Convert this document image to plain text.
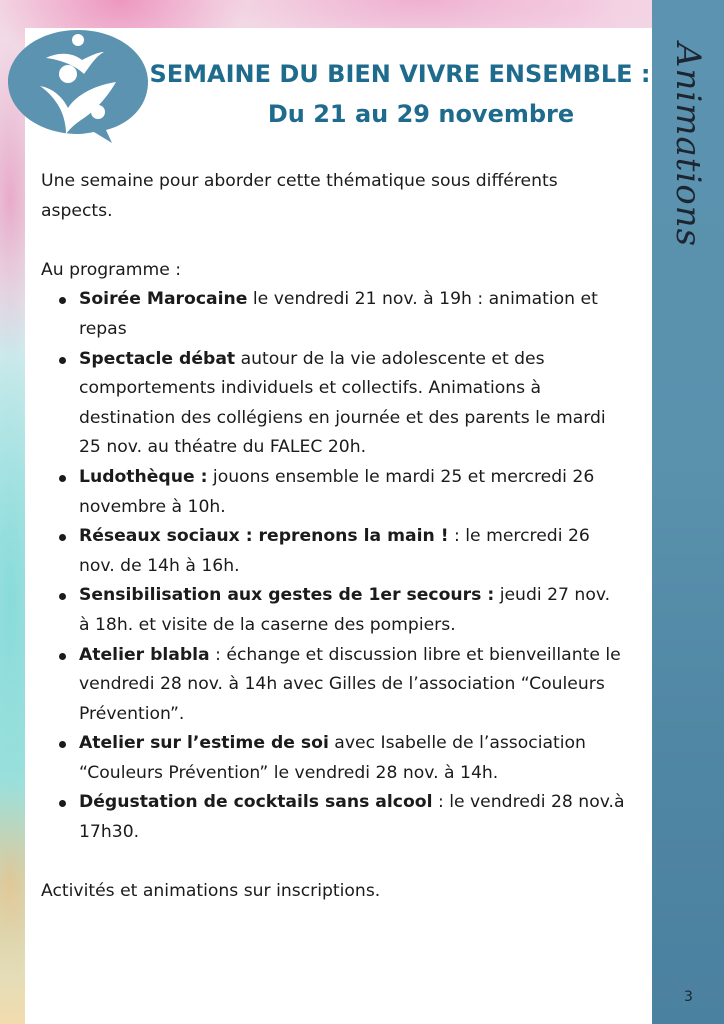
Animations
3
SEMAINE DU BIEN VIVRE ENSEMBLE :
Du 21 au 29 novembre

Une semaine pour aborder cette thématique sous différents aspects.

Au programme :

Soirée Marocaine le vendredi 21 nov. à 19h : animation et repas
Spectacle débat autour de la vie adolescente et des comportements individuels et collectifs. Animations à destination des collégiens en journée et des parents le mardi 25 nov. au théatre du FALEC 20h.
Ludothèque : jouons ensemble le mardi 25 et mercredi 26 novembre à 10h.
Réseaux sociaux : reprenons la main ! : le mercredi 26 nov. de 14h à 16h.
Sensibilisation aux gestes de 1er secours : jeudi 27 nov. à 18h. et visite de la caserne des pompiers.
Atelier blabla : échange et discussion libre et bienveillante le vendredi 28 nov. à 14h avec Gilles de l’association “Couleurs Prévention”.
Atelier sur l’estime de soi avec Isabelle de l’association “Couleurs Prévention” le vendredi 28 nov. à 14h.
Dégustation de cocktails sans alcool : le vendredi 28 nov.à 17h30.

Activités et animations sur inscriptions.
